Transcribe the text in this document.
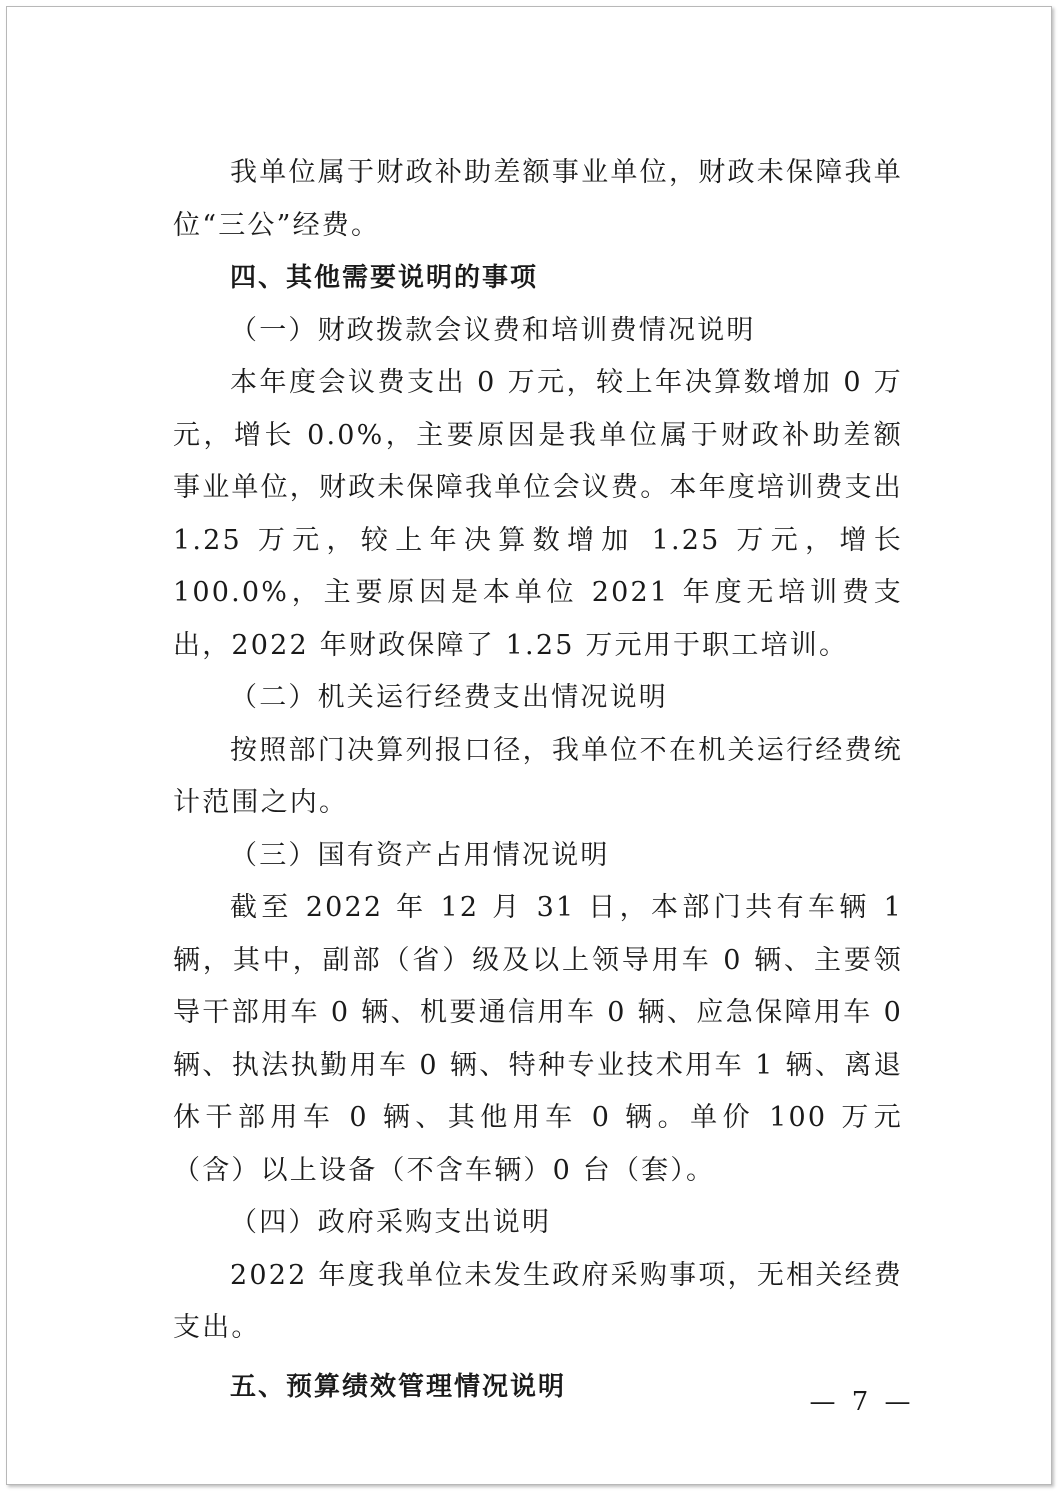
我单位属于财政补助差额事业单位，财政未保障我单位“三公”经费。

四、其他需要说明的事项

（一）财政拨款会议费和培训费情况说明

本年度会议费支出 0 万元，较上年决算数增加 0 万元，增长 0.0%，主要原因是我单位属于财政补助差额事业单位，财政未保障我单位会议费。本年度培训费支出 1.25 万元，较上年决算数增加 1.25 万元，增长 100.0%，主要原因是本单位 2021 年度无培训费支出，2022 年财政保障了 1.25 万元用于职工培训。

（二）机关运行经费支出情况说明

按照部门决算列报口径，我单位不在机关运行经费统计范围之内。

（三）国有资产占用情况说明

截至 2022 年 12 月 31 日，本部门共有车辆 1 辆，其中，副部（省）级及以上领导用车 0 辆、主要领导干部用车 0 辆、机要通信用车 0 辆、应急保障用车 0 辆、执法执勤用车 0 辆、特种专业技术用车 1 辆、离退休干部用车 0 辆、其他用车 0 辆。单价 100 万元（含）以上设备（不含车辆）0 台（套）。

（四）政府采购支出说明

2022 年度我单位未发生政府采购事项，无相关经费支出。

五、预算绩效管理情况说明

— 7 —
